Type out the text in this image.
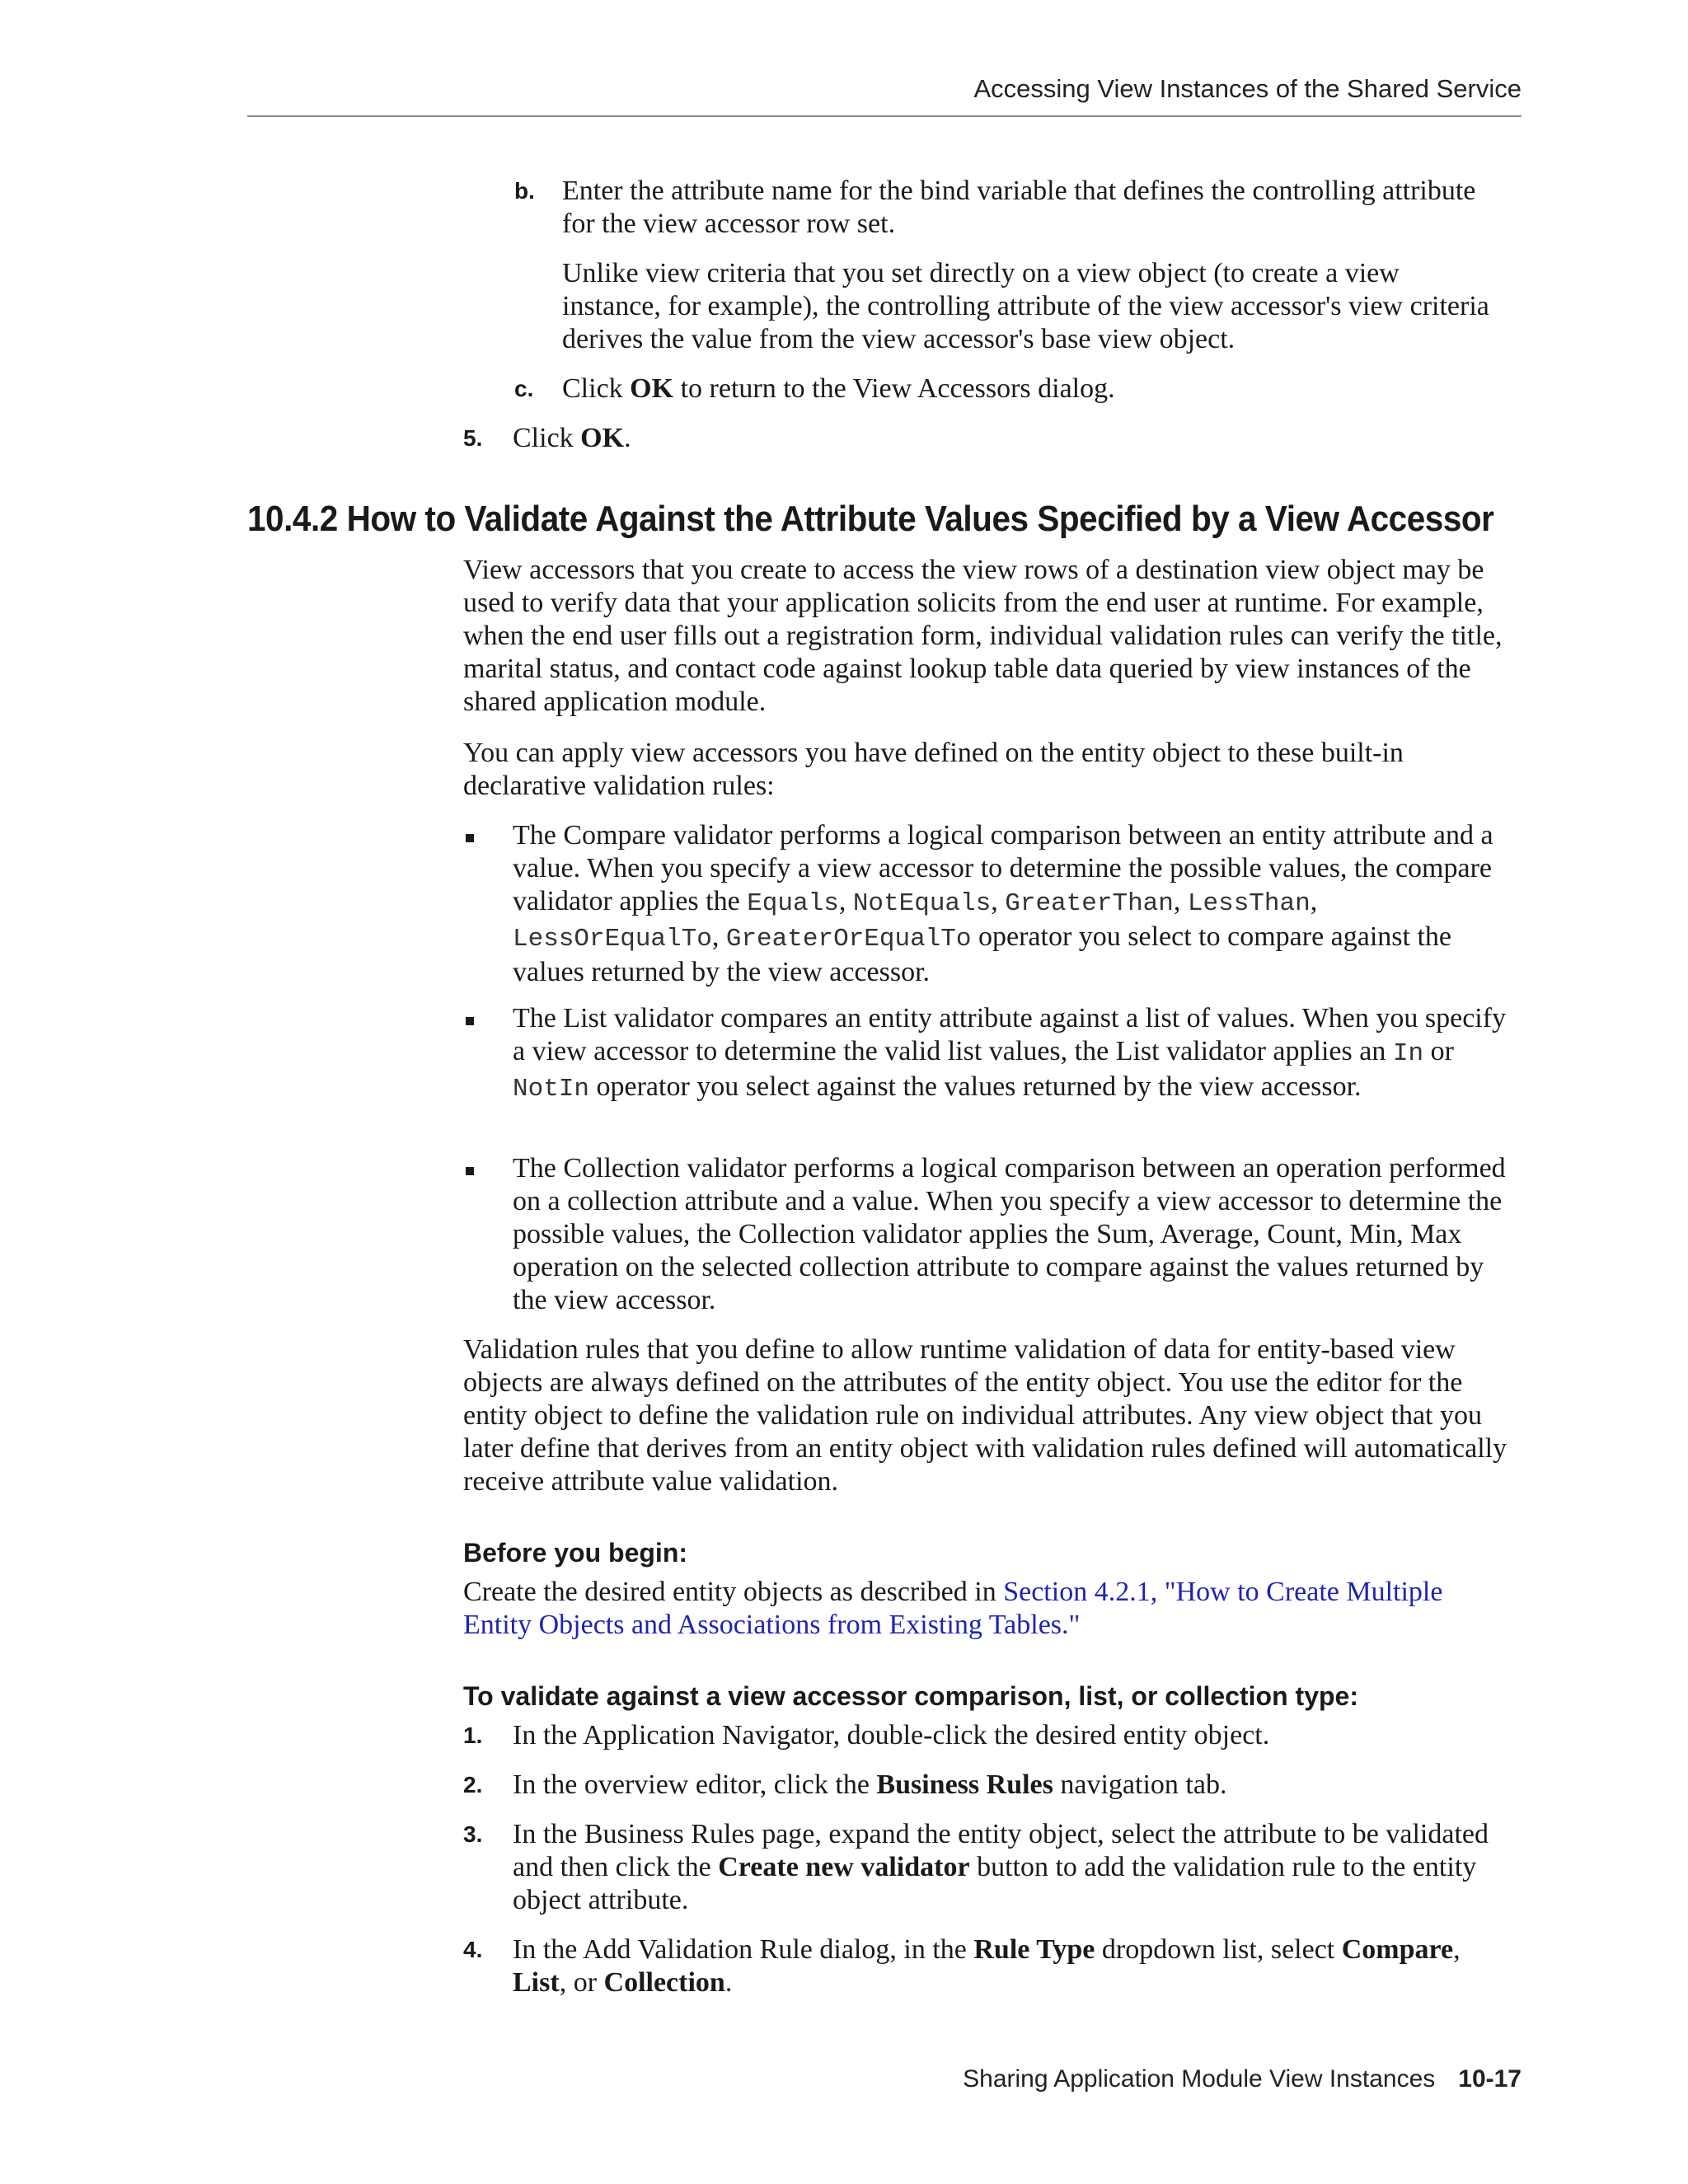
Accessing View Instances of the Shared Service
b. Enter the attribute name for the bind variable that defines the controlling attribute for the view accessor row set.

Unlike view criteria that you set directly on a view object (to create a view instance, for example), the controlling attribute of the view accessor's view criteria derives the value from the view accessor's base view object.

c. Click OK to return to the View Accessors dialog.

5. Click OK.

10.4.2 How to Validate Against the Attribute Values Specified by a View Accessor

View accessors that you create to access the view rows of a destination view object may be used to verify data that your application solicits from the end user at runtime. For example, when the end user fills out a registration form, individual validation rules can verify the title, marital status, and contact code against lookup table data queried by view instances of the shared application module.

You can apply view accessors you have defined on the entity object to these built-in declarative validation rules:

The Compare validator performs a logical comparison between an entity attribute and a value. When you specify a view accessor to determine the possible values, the compare validator applies the Equals, NotEquals, GreaterThan, LessThan, LessOrEqualTo, GreaterOrEqualTo operator you select to compare against the values returned by the view accessor.

The List validator compares an entity attribute against a list of values. When you specify a view accessor to determine the valid list values, the List validator applies an In or NotIn operator you select against the values returned by the view accessor.

The Collection validator performs a logical comparison between an operation performed on a collection attribute and a value. When you specify a view accessor to determine the possible values, the Collection validator applies the Sum, Average, Count, Min, Max operation on the selected collection attribute to compare against the values returned by the view accessor.

Validation rules that you define to allow runtime validation of data for entity-based view objects are always defined on the attributes of the entity object. You use the editor for the entity object to define the validation rule on individual attributes. Any view object that you later define that derives from an entity object with validation rules defined will automatically receive attribute value validation.

Before you begin:

Create the desired entity objects as described in Section 4.2.1, "How to Create Multiple Entity Objects and Associations from Existing Tables."

To validate against a view accessor comparison, list, or collection type:
1. In the Application Navigator, double-click the desired entity object.

2. In the overview editor, click the Business Rules navigation tab.

3. In the Business Rules page, expand the entity object, select the attribute to be validated and then click the Create new validator button to add the validation rule to the entity object attribute.

4. In the Add Validation Rule dialog, in the Rule Type dropdown list, select Compare, List, or Collection.

Sharing Application Module View Instances 10-17
